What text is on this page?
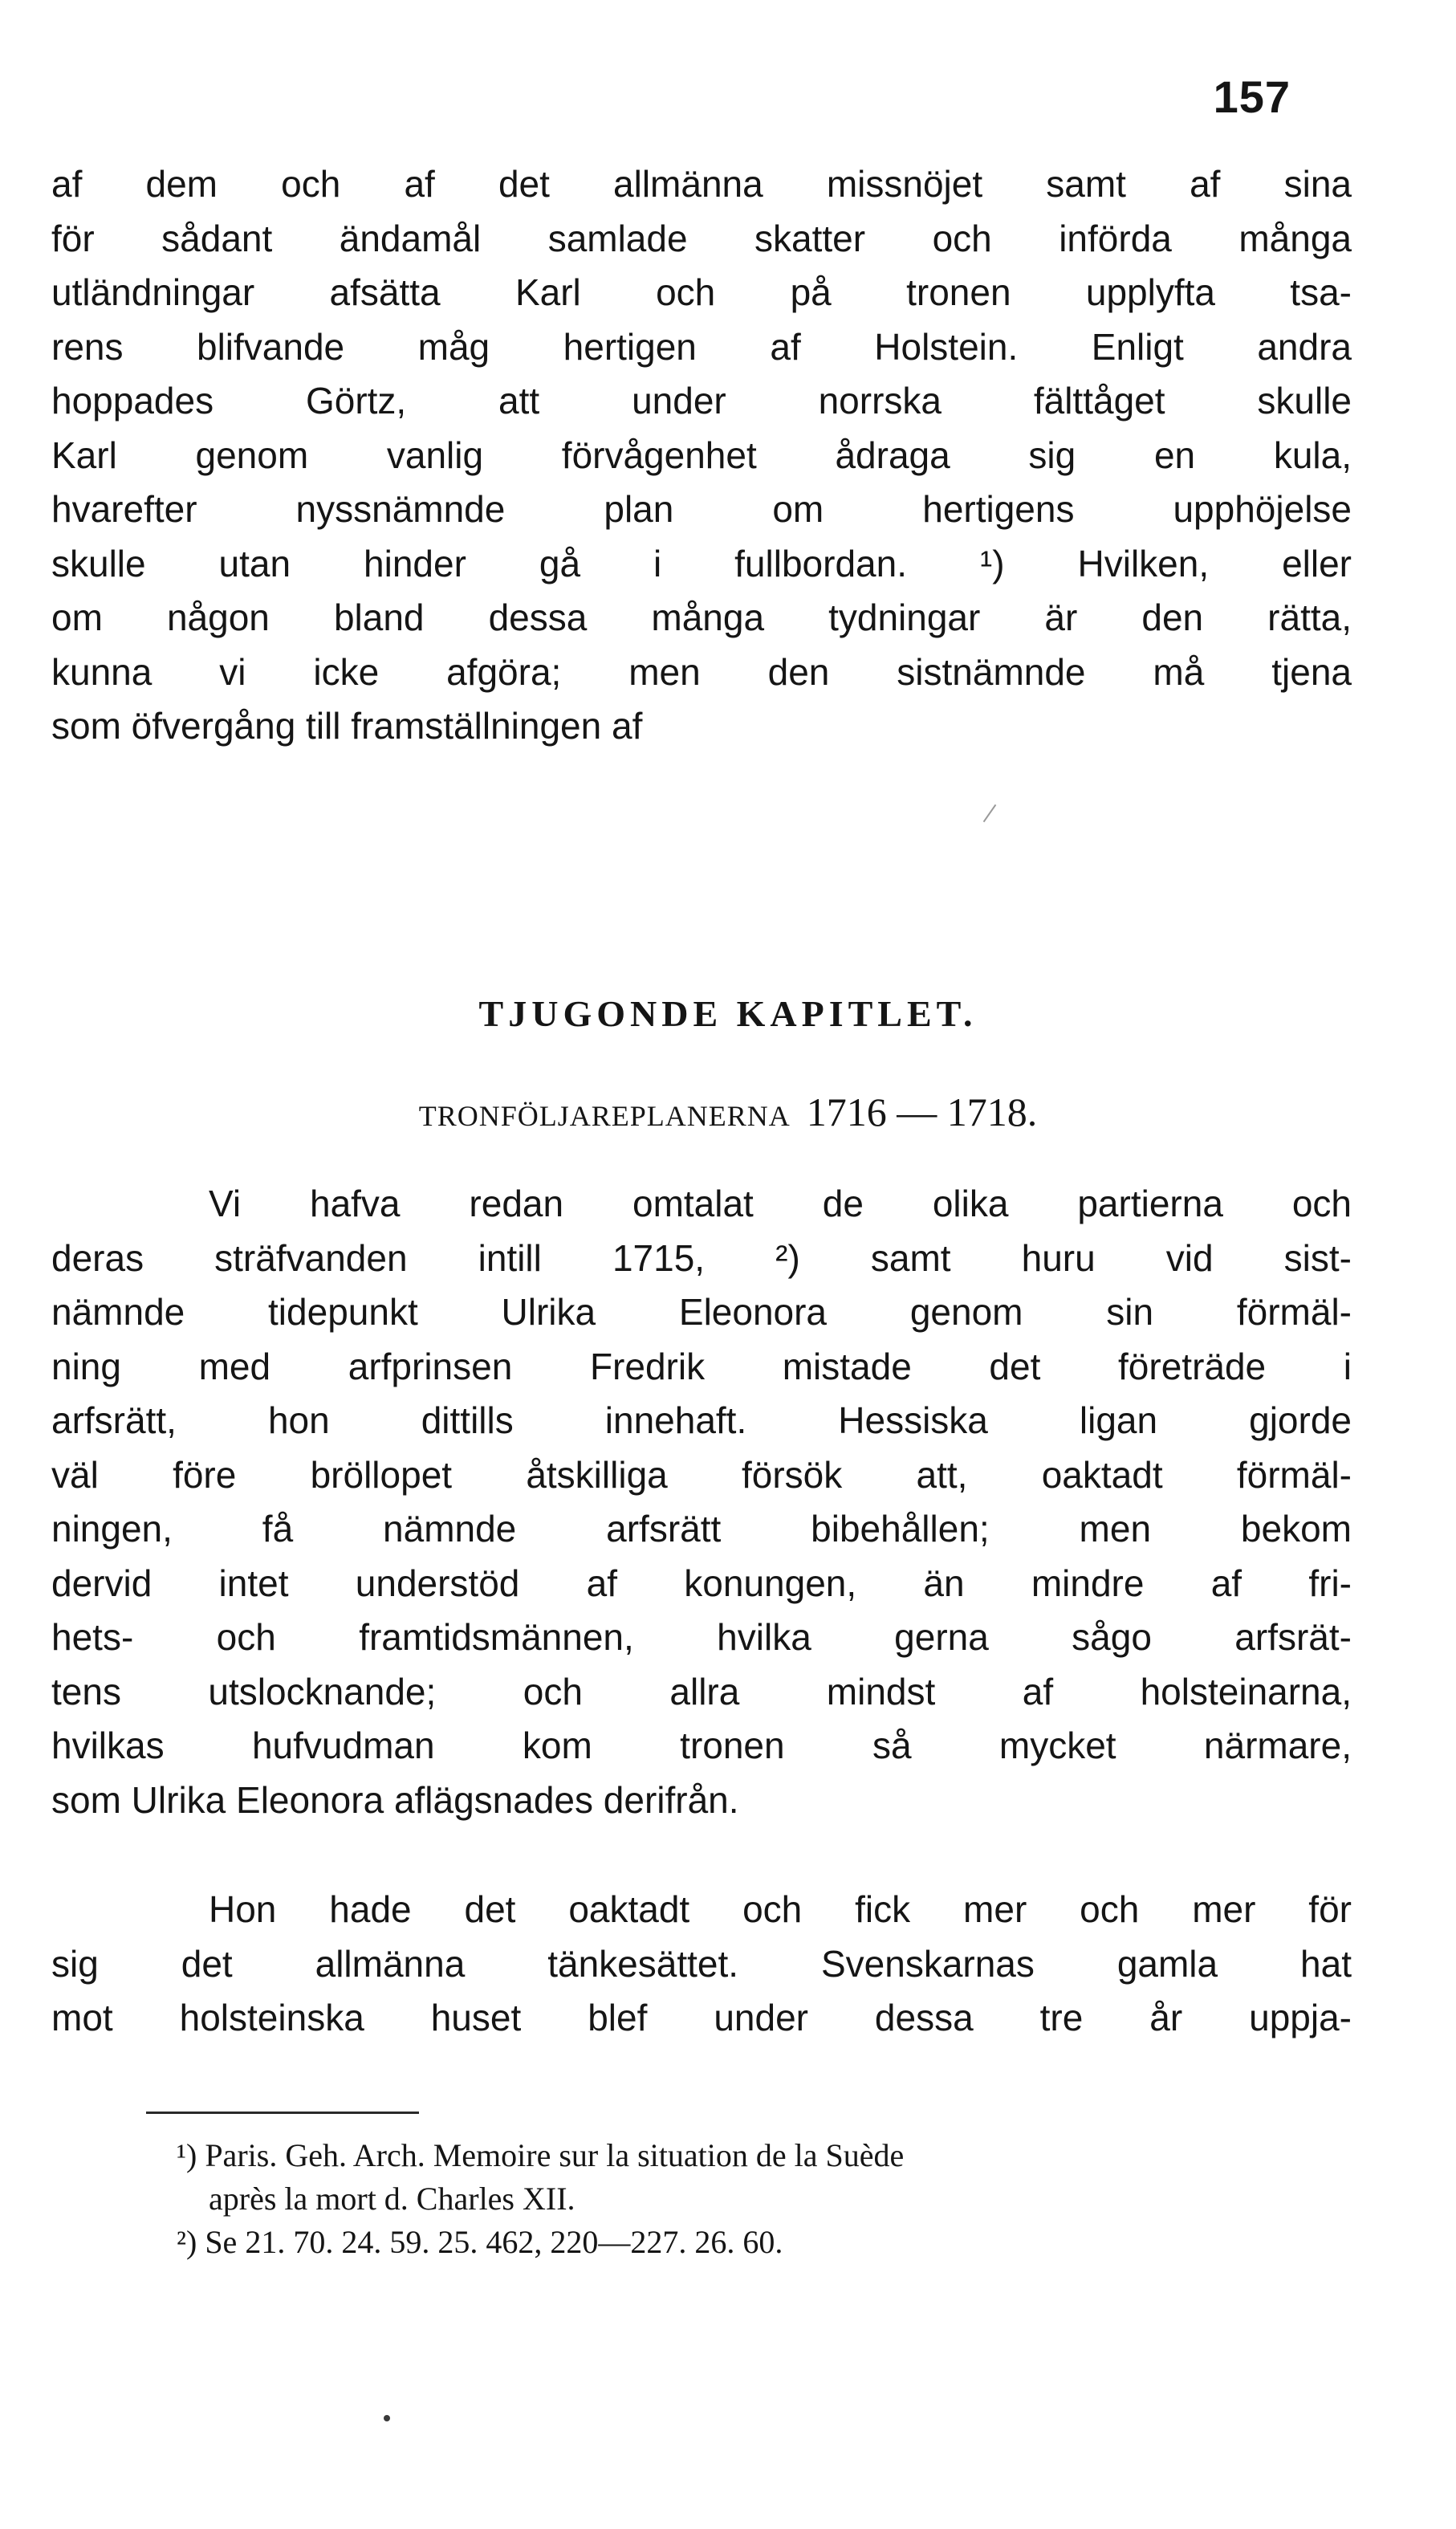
157
af dem och af det allmänna missnöjet samt af sina
för sådant ändamål samlade skatter och införda många
utländningar afsätta Karl och på tronen upplyfta tsa-
rens blifvande måg hertigen af Holstein. Enligt andra
hoppades Görtz, att under norrska fälttåget skulle
Karl genom vanlig förvågenhet ådraga sig en kula,
hvarefter nyssnämnde plan om hertigens upphöjelse
skulle utan hinder gå i fullbordan. ¹) Hvilken, eller
om någon bland dessa många tydningar är den rätta,
kunna vi icke afgöra; men den sistnämnde må tjena
som öfvergång till framställningen af
TJUGONDE KAPITLET.
TRONFÖLJAREPLANERNA 1716 — 1718.
Vi hafva redan omtalat de olika partierna och
deras sträfvanden intill 1715, ²) samt huru vid sist-
nämnde tidepunkt Ulrika Eleonora genom sin förmäl-
ning med arfprinsen Fredrik mistade det företräde i
arfsrätt, hon dittills innehaft. Hessiska ligan gjorde
väl före bröllopet åtskilliga försök att, oaktadt förmäl-
ningen, få nämnde arfsrätt bibehållen; men bekom
dervid intet understöd af konungen, än mindre af fri-
hets- och framtidsmännen, hvilka gerna sågo arfsrät-
tens utslocknande; och allra mindst af holsteinarna,
hvilkas hufvudman kom tronen så mycket närmare,
som Ulrika Eleonora aflägsnades derifrån.
Hon hade det oaktadt och fick mer och mer för
sig det allmänna tänkesättet. Svenskarnas gamla hat
mot holsteinska huset blef under dessa tre år uppja-
¹) Paris. Geh. Arch. Memoire sur la situation de la Suède
après la mort d. Charles XII.
²) Se 21. 70. 24. 59. 25. 462, 220—227. 26. 60.
